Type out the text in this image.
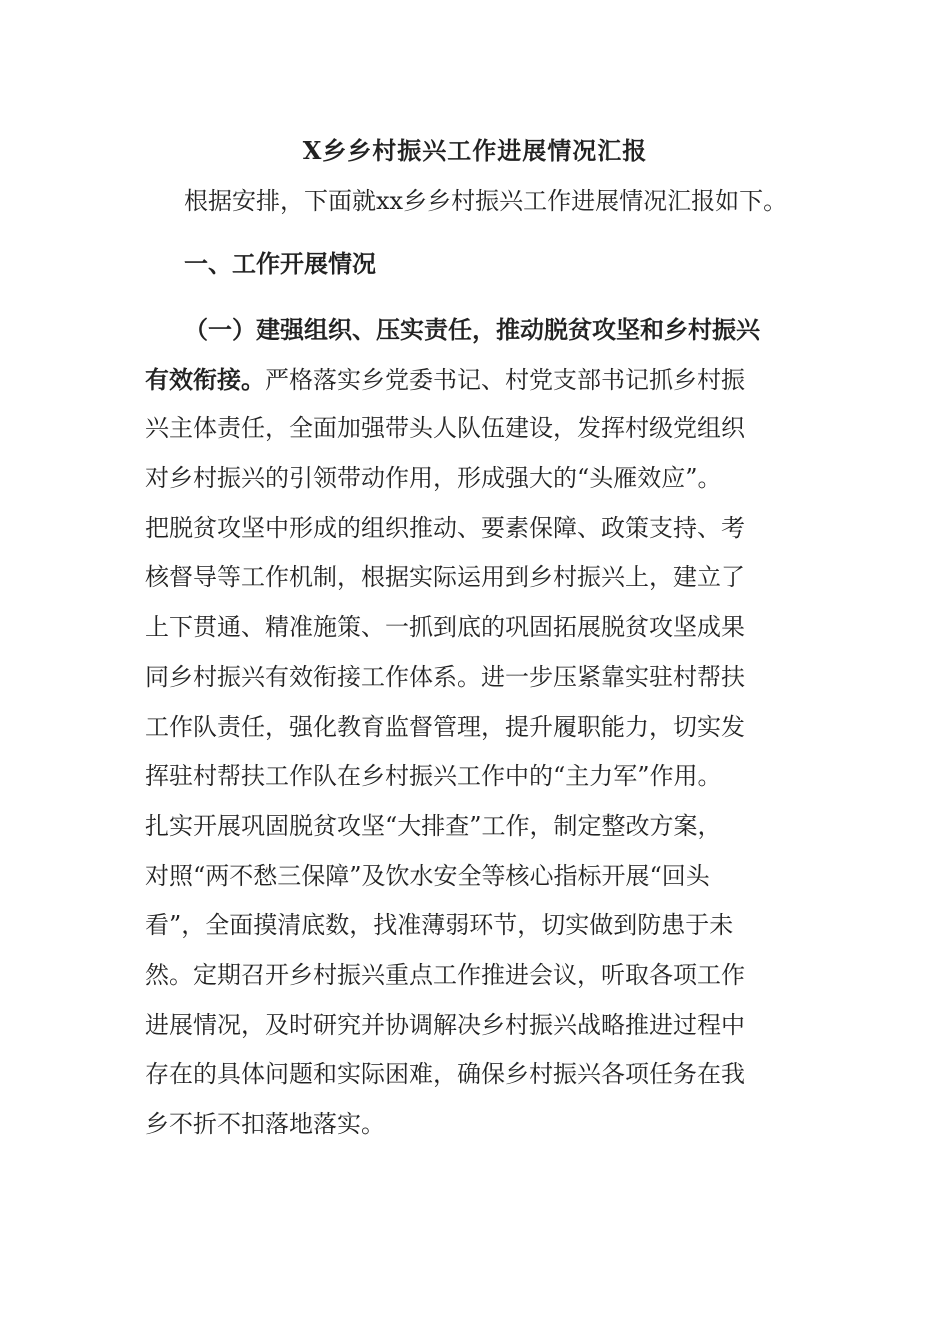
X乡乡村振兴工作进展情况汇报
根据安排，下面就xx乡乡村振兴工作进展情况汇报如下。
一、工作开展情况
（一）建强组织、压实责任，推动脱贫攻坚和乡村振兴
有效衔接。严格落实乡党委书记、村党支部书记抓乡村振
兴主体责任，全面加强带头人队伍建设，发挥村级党组织
对乡村振兴的引领带动作用，形成强大的“头雁效应”。
把脱贫攻坚中形成的组织推动、要素保障、政策支持、考
核督导等工作机制，根据实际运用到乡村振兴上，建立了
上下贯通、精准施策、一抓到底的巩固拓展脱贫攻坚成果
同乡村振兴有效衔接工作体系。进一步压紧靠实驻村帮扶
工作队责任，强化教育监督管理，提升履职能力，切实发
挥驻村帮扶工作队在乡村振兴工作中的“主力军”作用。
扎实开展巩固脱贫攻坚“大排查”工作，制定整改方案，
对照“两不愁三保障”及饮水安全等核心指标开展“回头
看”，全面摸清底数，找准薄弱环节，切实做到防患于未
然。定期召开乡村振兴重点工作推进会议，听取各项工作
进展情况，及时研究并协调解决乡村振兴战略推进过程中
存在的具体问题和实际困难，确保乡村振兴各项任务在我
乡不折不扣落地落实。
